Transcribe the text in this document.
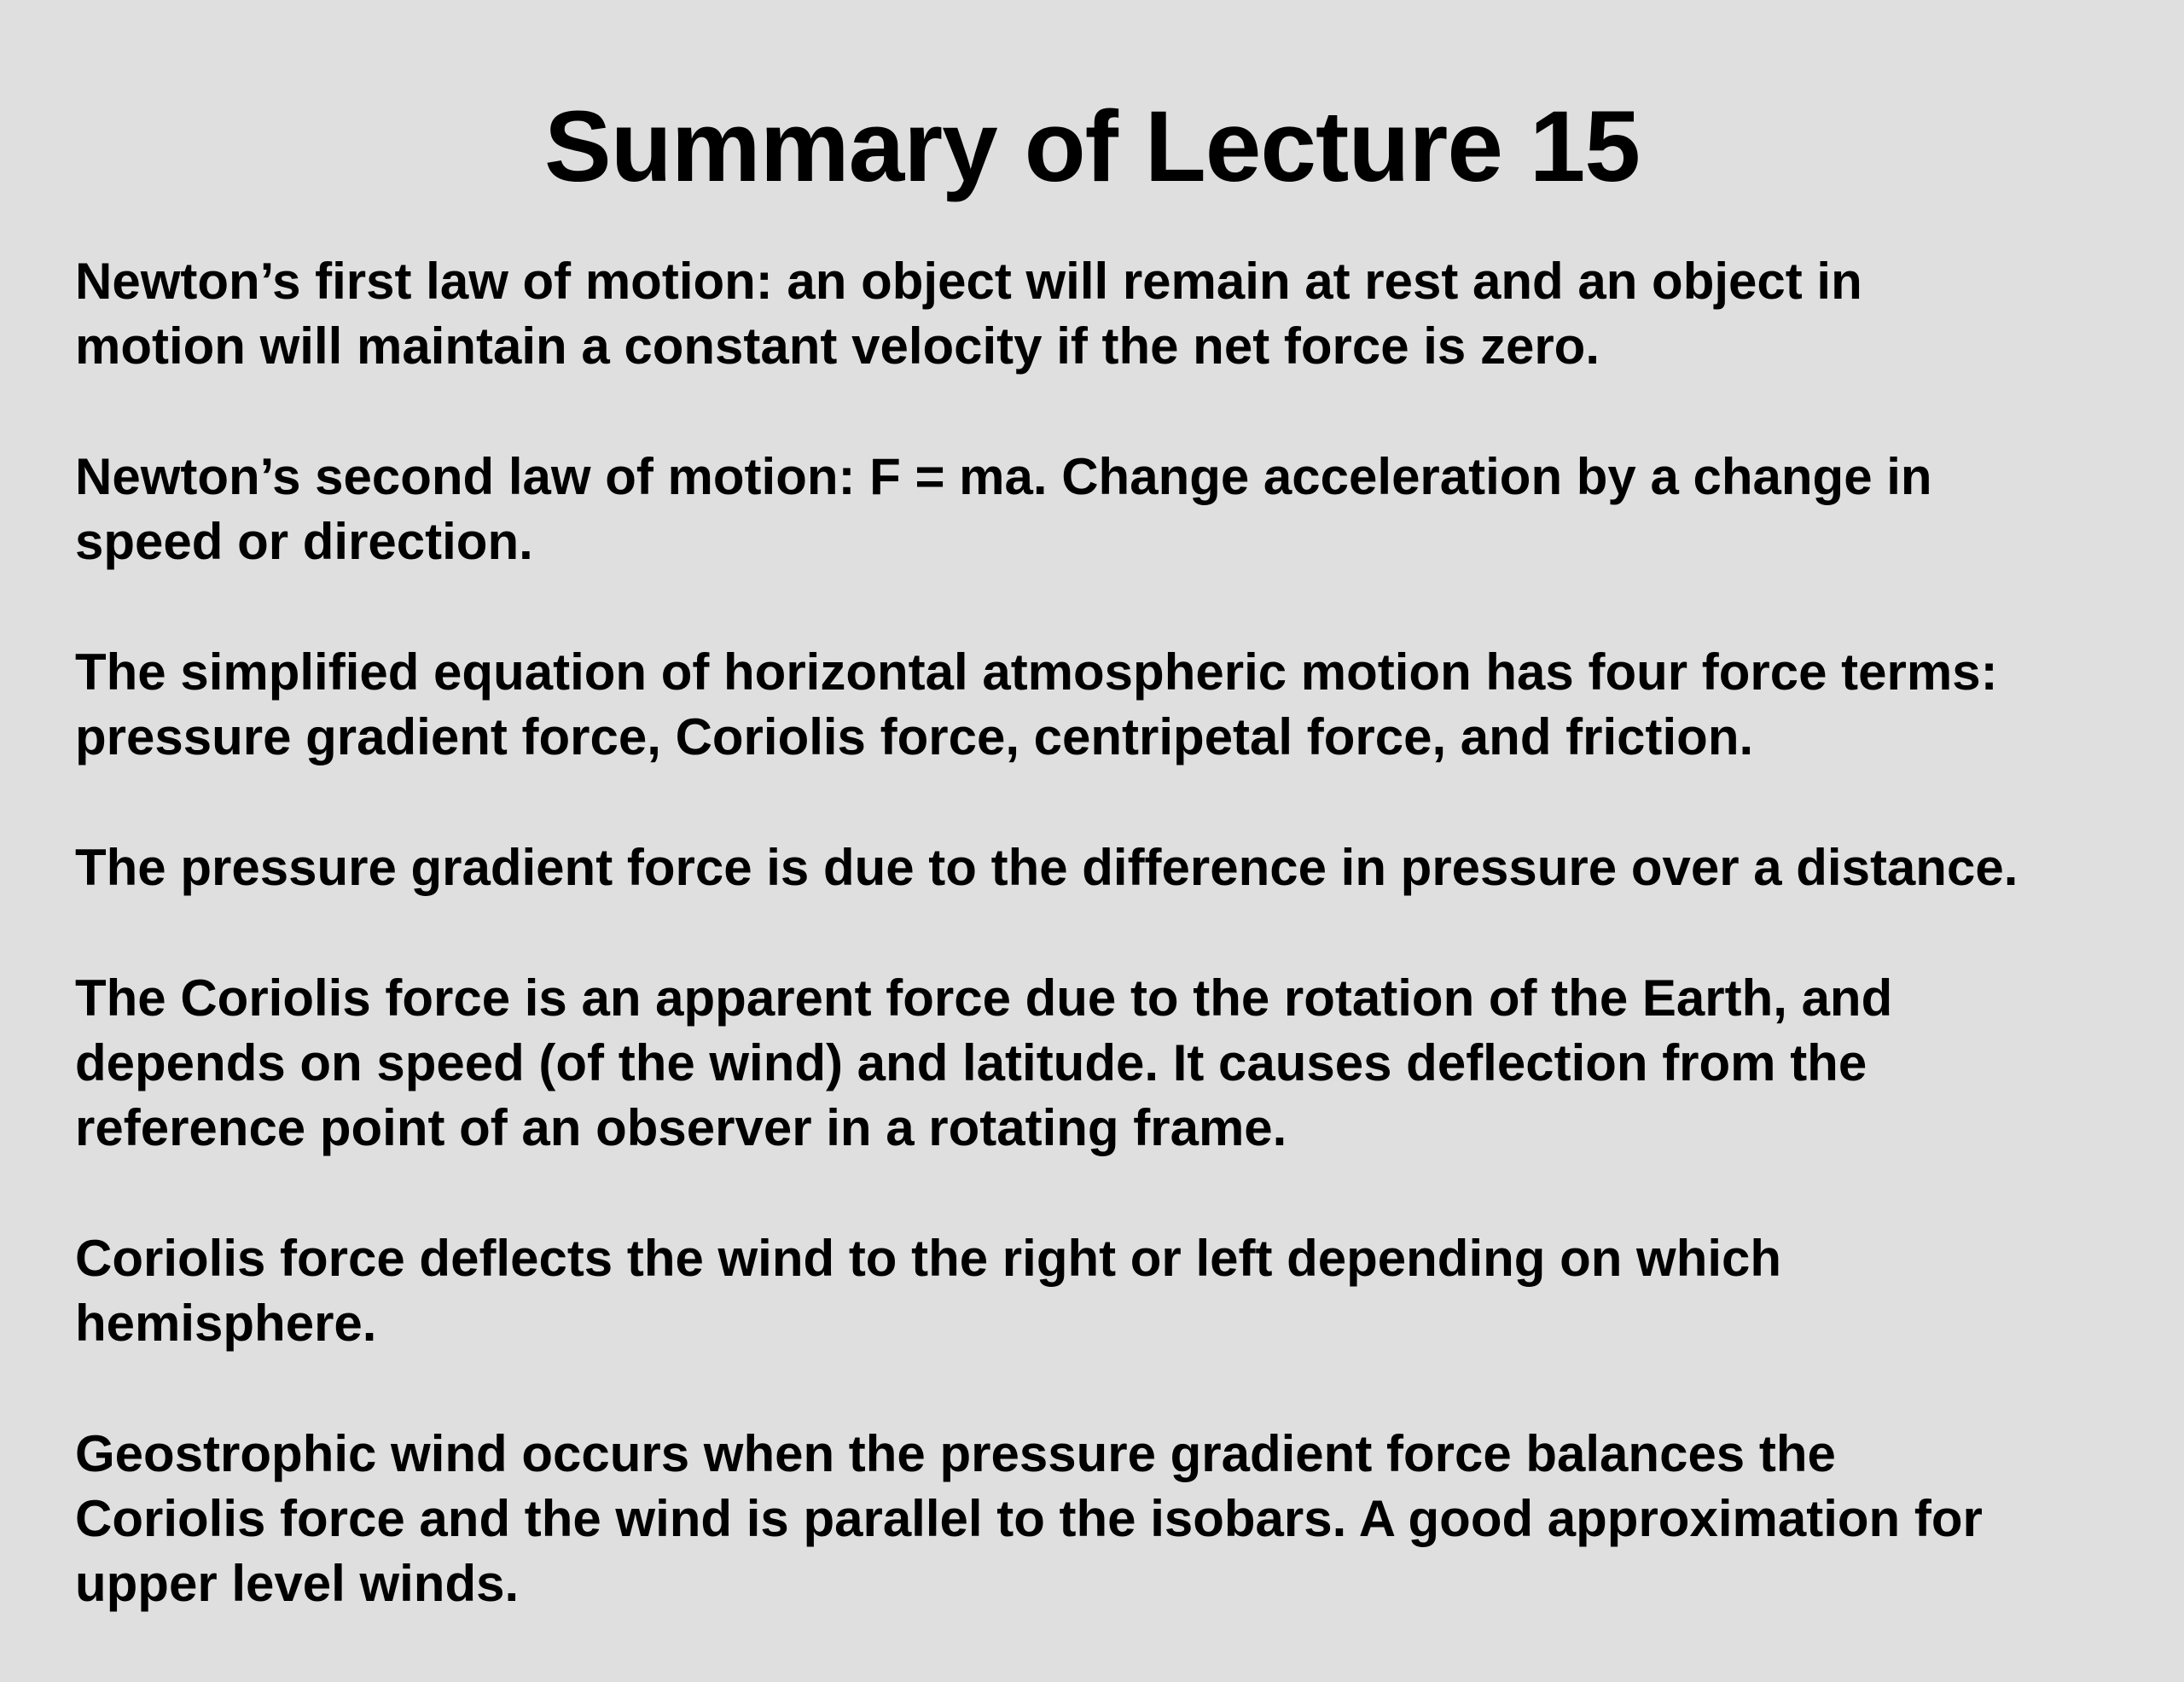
Summary of Lecture 15

Newton’s first law of motion: an object will remain at rest and an object in
motion will maintain a constant velocity if the net force is zero.

Newton’s second law of motion: F = ma. Change acceleration by a change in
speed or direction.

The simplified equation of horizontal atmospheric motion has four force terms:
pressure gradient force, Coriolis force, centripetal force, and friction.

The pressure gradient force is due to the difference in pressure over a distance.

The Coriolis force is an apparent force due to the rotation of the Earth, and
depends on speed (of the wind) and latitude. It causes deflection from the
reference point of an observer in a rotating frame.

Coriolis force deflects the wind to the right or left depending on which
hemisphere.

Geostrophic wind occurs when the pressure gradient force balances the
Coriolis force and the wind is parallel to the isobars. A good approximation for
upper level winds.
